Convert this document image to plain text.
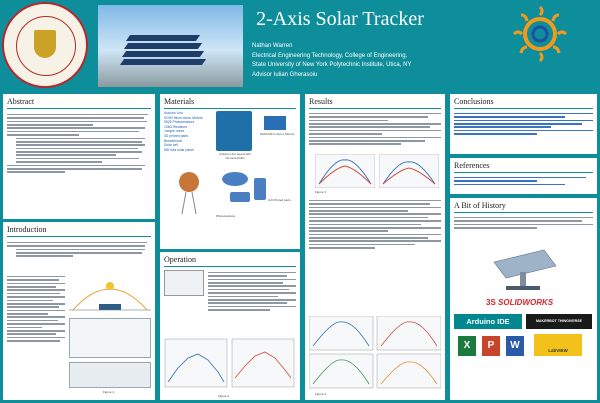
2-Axis Solar Tracker
Nathan Warren
Electrical Engineering Technology, College of Engineering,
State University of New York Polytechnic Institute, Utica, NY
Advisor Iulian Gherasoiu
Abstract
Introduction
Figure 1
Materials
Arduino Uno
SG90 Micro-servo Motors
5528 Photoresistors
10kΩ Resistors
Jumper wires
3D printed parts
Breadboard
Solar cell
5W mini solar panel
Arduino Uno board with microcontroller
SG90 Micro Servo Motors
Photoresistors
3-D Printed parts
Operation
Figure 2
Results
Figure 3
Figure 4
Conclusions
References
A Bit of History
3S SOLIDWORKS
Arduino IDE	MAKERBOT THINGIVERSE
X	P	W	LabVIEW
